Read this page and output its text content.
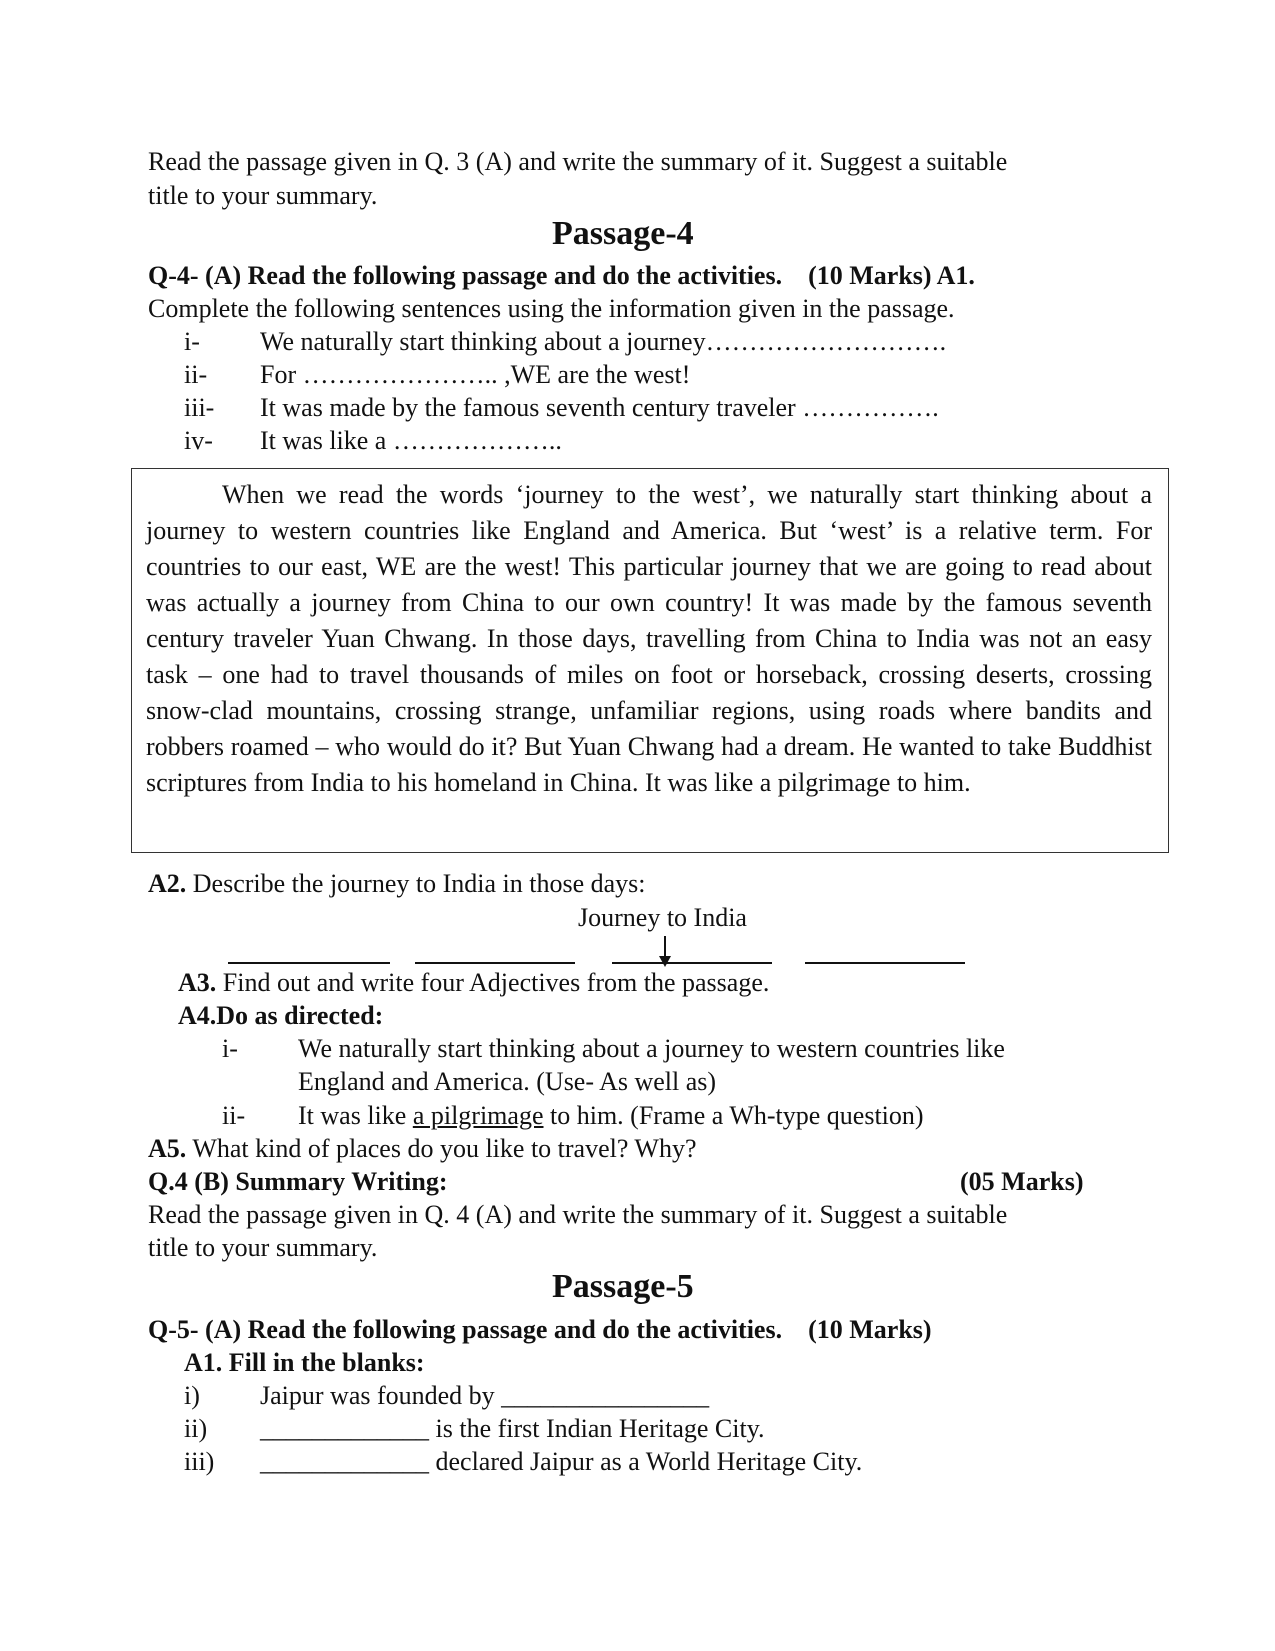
Read the passage given in Q. 3 (A) and write the summary of it. Suggest a suitable
title to your summary.
Passage-4
Q-4- (A) Read the following passage and do the activities.    (10 Marks) A1.
Complete the following sentences using the information given in the passage.
i- We naturally start thinking about a journey……………………….
ii- For ………………….. ,WE are the west!
iii- It was made by the famous seventh century traveler …………….
iv- It was like a ………………..

When we read the words ‘journey to the west’, we naturally start thinking about a journey to western countries like England and America. But ‘west’ is a relative term. For countries to our east, WE are the west! This particular journey that we are going to read about was actually a journey from China to our own country! It was made by the famous seventh century traveler Yuan Chwang. In those days, travelling from China to India was not an easy task – one had to travel thousands of miles on foot or horseback, crossing deserts, crossing snow-clad mountains, crossing strange, unfamiliar regions, using roads where bandits and robbers roamed – who would do it? But Yuan Chwang had a dream. He wanted to take Buddhist scriptures from India to his homeland in China. It was like a pilgrimage to him.

A2. Describe the journey to India in those days:
Journey to India
A3. Find out and write four Adjectives from the passage.
A4.Do as directed:
i- We naturally start thinking about a journey to western countries like
England and America. (Use- As well as)
ii- It was like a pilgrimage to him. (Frame a Wh-type question)
A5. What kind of places do you like to travel? Why?
Q.4 (B) Summary Writing:	(05 Marks)
Read the passage given in Q. 4 (A) and write the summary of it. Suggest a suitable
title to your summary.
Passage-5
Q-5- (A) Read the following passage and do the activities.    (10 Marks)
A1. Fill in the blanks:
i) Jaipur was founded by ________________
ii) _____________ is the first Indian Heritage City.
iii) _____________ declared Jaipur as a World Heritage City.
